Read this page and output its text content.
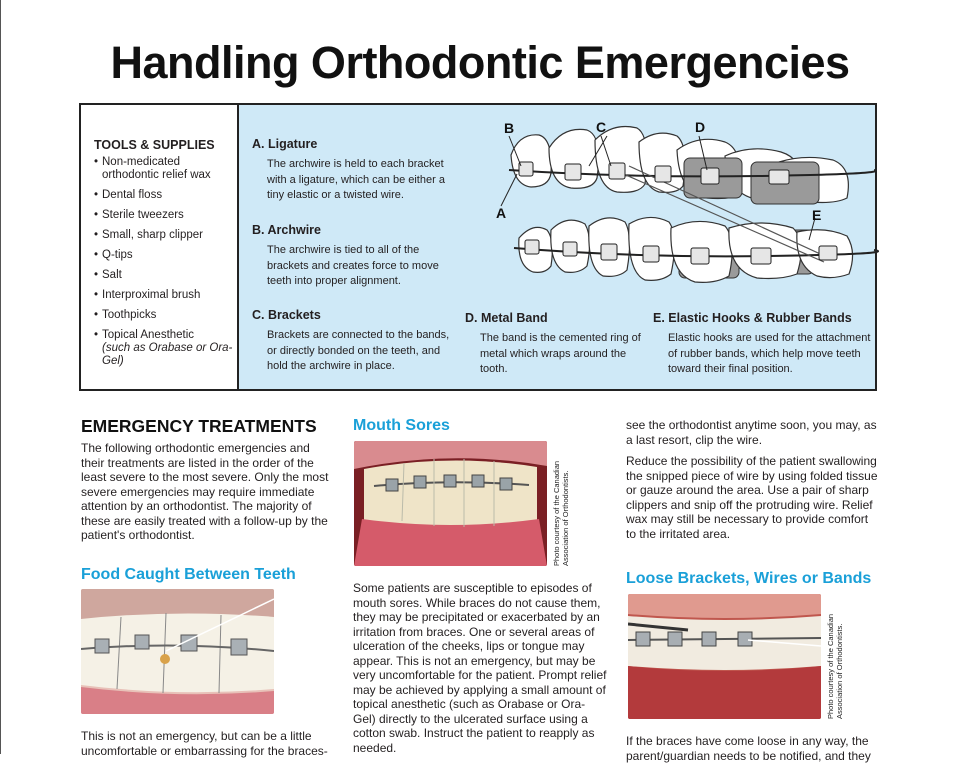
Handling Orthodontic Emergencies
TOOLS & SUPPLIES
• Non-medicated orthodontic relief wax
• Dental floss
• Sterile tweezers
• Small, sharp clipper
• Q-tips
• Salt
• Interproximal brush
• Toothpicks
• Topical Anesthetic
(such as Orabase or Ora-Gel)
A. Ligature

The archwire is held to each bracket with a ligature, which can be either a tiny elastic or a twisted wire.

B. Archwire

The archwire is tied to all of the brackets and creates force to move teeth into proper alignment.

C. Brackets

Brackets are connected to the bands, or directly bonded on the teeth, and hold the archwire in place.

D. Metal Band

The band is the cemented ring of metal which wraps around the tooth.

E. Elastic Hooks & Rubber Bands

Elastic hooks are used for the attachment of rubber bands, which help move teeth toward their final position.

B	C	D
A	E
EMERGENCY TREATMENTS

The following orthodontic emergencies and their treatments are listed in the order of the least severe to the most severe. Only the most severe emergencies may require immediate attention by an orthodontist. The majority of these are easily treated with a follow-up by the patient's orthodontist.

Food Caught Between Teeth

This is not an emergency, but can be a little uncomfortable or embarrassing for the braces-

Mouth Sores
Photo courtesy of the Canadian Association of Orthodontists.

Some patients are susceptible to episodes of mouth sores. While braces do not cause them, they may be precipitated or exacerbated by an irritation from braces. One or several areas of ulceration of the cheeks, lips or tongue may appear. This is not an emergency, but may be very uncomfortable for the patient. Prompt relief may be achieved by applying a small amount of topical anesthetic (such as Orabase or Ora-Gel) directly to the ulcerated surface using a cotton swab. Instruct the patient to reapply as needed.

see the orthodontist anytime soon, you may, as a last resort, clip the wire.

Reduce the possibility of the patient swallowing the snipped piece of wire by using folded tissue or gauze around the area. Use a pair of sharp clippers and snip off the protruding wire. Relief wax may still be necessary to provide comfort to the irritated area.

Loose Brackets, Wires or Bands
Photo courtesy of the Canadian Association of Orthodontists.

If the braces have come loose in any way, the parent/guardian needs to be notified, and they
